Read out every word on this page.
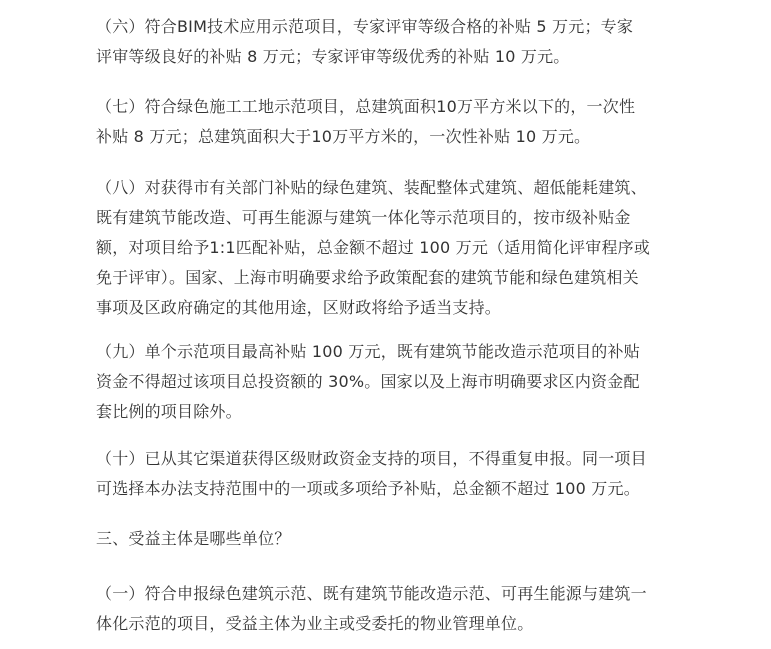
（六）符合BIM技术应用示范项目，专家评审等级合格的补贴 5 万元；专家
评审等级良好的补贴 8 万元；专家评审等级优秀的补贴 10 万元。

（七）符合绿色施工工地示范项目，总建筑面积10万平方米以下的，一次性
补贴 8 万元；总建筑面积大于10万平方米的，一次性补贴 10 万元。

（八）对获得市有关部门补贴的绿色建筑、装配整体式建筑、超低能耗建筑、
既有建筑节能改造、可再生能源与建筑一体化等示范项目的，按市级补贴金
额，对项目给予1:1匹配补贴，总金额不超过 100 万元（适用简化评审程序或
免于评审）。国家、上海市明确要求给予政策配套的建筑节能和绿色建筑相关
事项及区政府确定的其他用途，区财政将给予适当支持。

（九）单个示范项目最高补贴 100 万元，既有建筑节能改造示范项目的补贴
资金不得超过该项目总投资额的 30%。国家以及上海市明确要求区内资金配
套比例的项目除外。

（十）已从其它渠道获得区级财政资金支持的项目，不得重复申报。同一项目
可选择本办法支持范围中的一项或多项给予补贴，总金额不超过 100 万元。

三、受益主体是哪些单位？

（一）符合申报绿色建筑示范、既有建筑节能改造示范、可再生能源与建筑一
体化示范的项目，受益主体为业主或受委托的物业管理单位。
